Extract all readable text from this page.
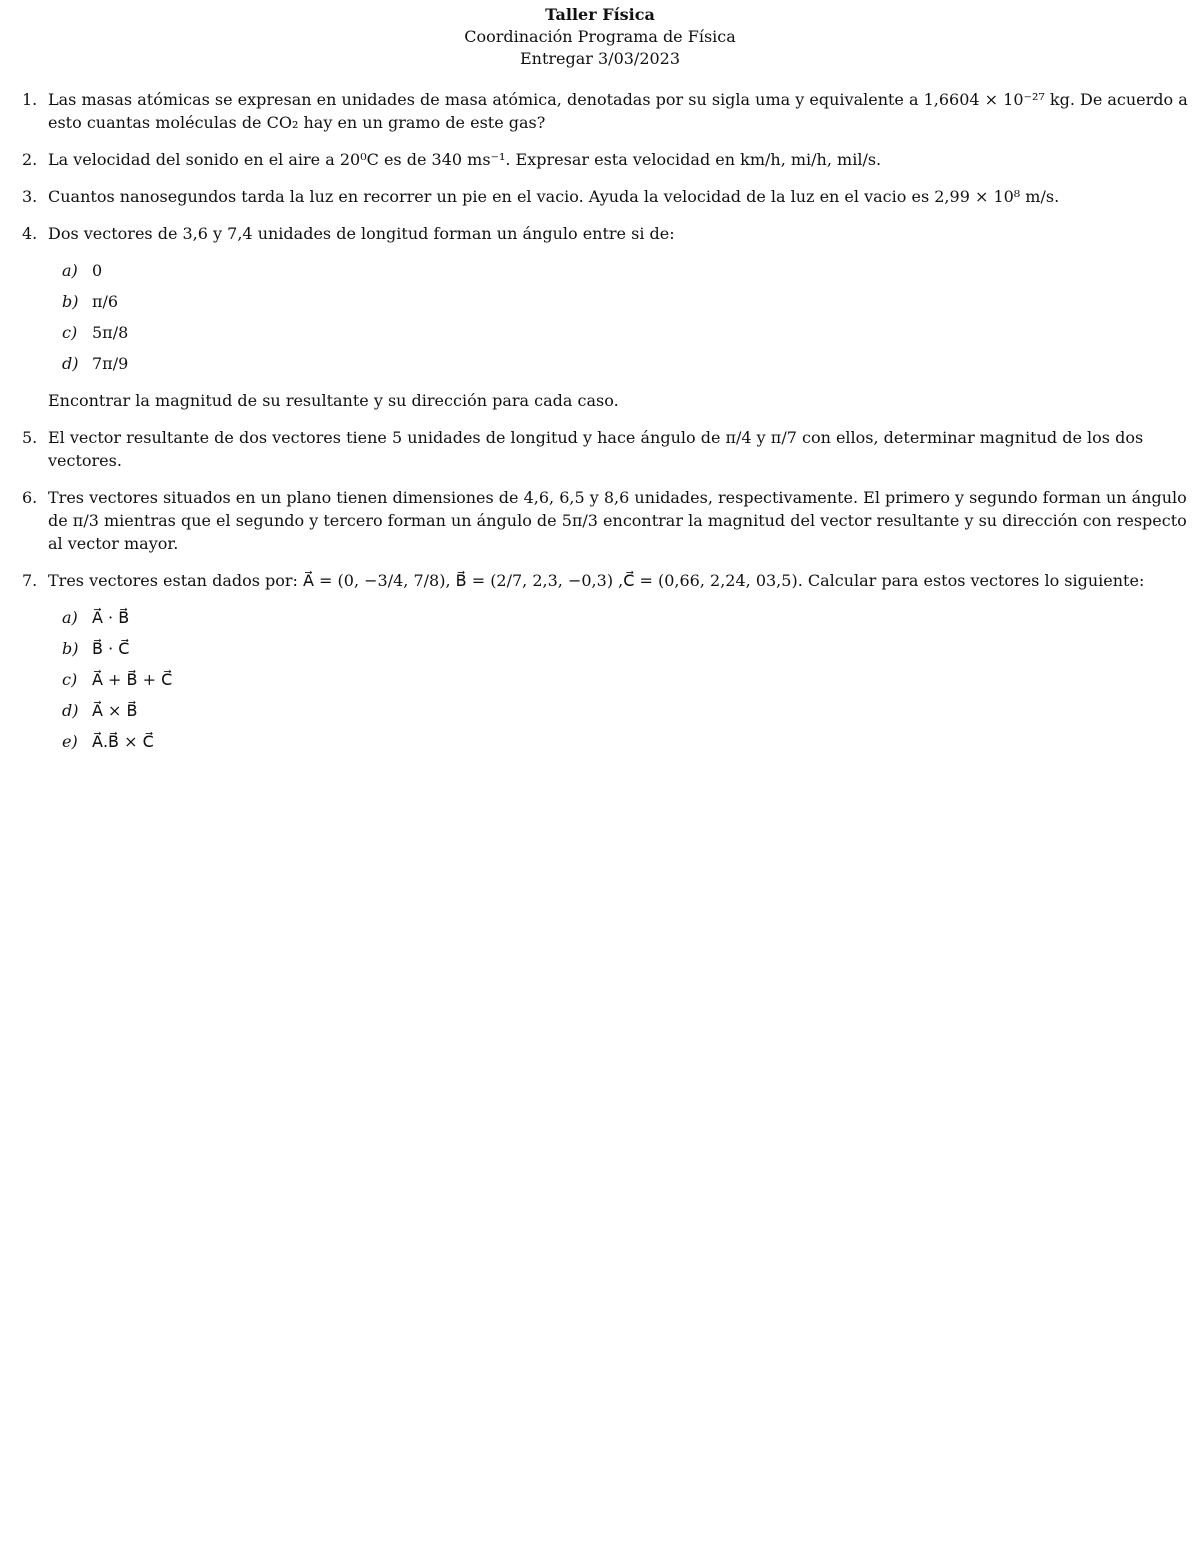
Taller Física
Coordinación Programa de Física
Entregar 3/03/2023
1. Las masas atómicas se expresan en unidades de masa atómica, denotadas por su sigla uma y equivalente a 1,6604 × 10⁻²⁷ kg. De acuerdo a esto cuantas moléculas de CO₂ hay en un gramo de este gas?
2. La velocidad del sonido en el aire a 20⁰C es de 340 ms⁻¹. Expresar esta velocidad en km/h, mi/h, mil/s.
3. Cuantos nanosegundos tarda la luz en recorrer un pie en el vacio. Ayuda la velocidad de la luz en el vacio es 2,99 × 10⁸ m/s.
4. Dos vectores de 3,6 y 7,4 unidades de longitud forman un ángulo entre si de:
a) 0
b) π/6
c) 5π/8
d) 7π/9
Encontrar la magnitud de su resultante y su dirección para cada caso.
5. El vector resultante de dos vectores tiene 5 unidades de longitud y hace ángulo de π/4 y π/7 con ellos, determinar magnitud de los dos vectores.
6. Tres vectores situados en un plano tienen dimensiones de 4,6, 6,5 y 8,6 unidades, respectivamente. El primero y segundo forman un ángulo de π/3 mientras que el segundo y tercero forman un ángulo de 5π/3 encontrar la magnitud del vector resultante y su dirección con respecto al vector mayor.
7. Tres vectores estan dados por: A⃗ = (0, −3/4, 7/8), B⃗ = (2/7, 2,3, −0,3) ,C⃗ = (0,66, 2,24, 03,5). Calcular para estos vectores lo siguiente:
a) A⃗ · B⃗
b) B⃗ · C⃗
c) A⃗ + B⃗ + C⃗
d) A⃗ × B⃗
e) A⃗.B⃗ × C⃗
